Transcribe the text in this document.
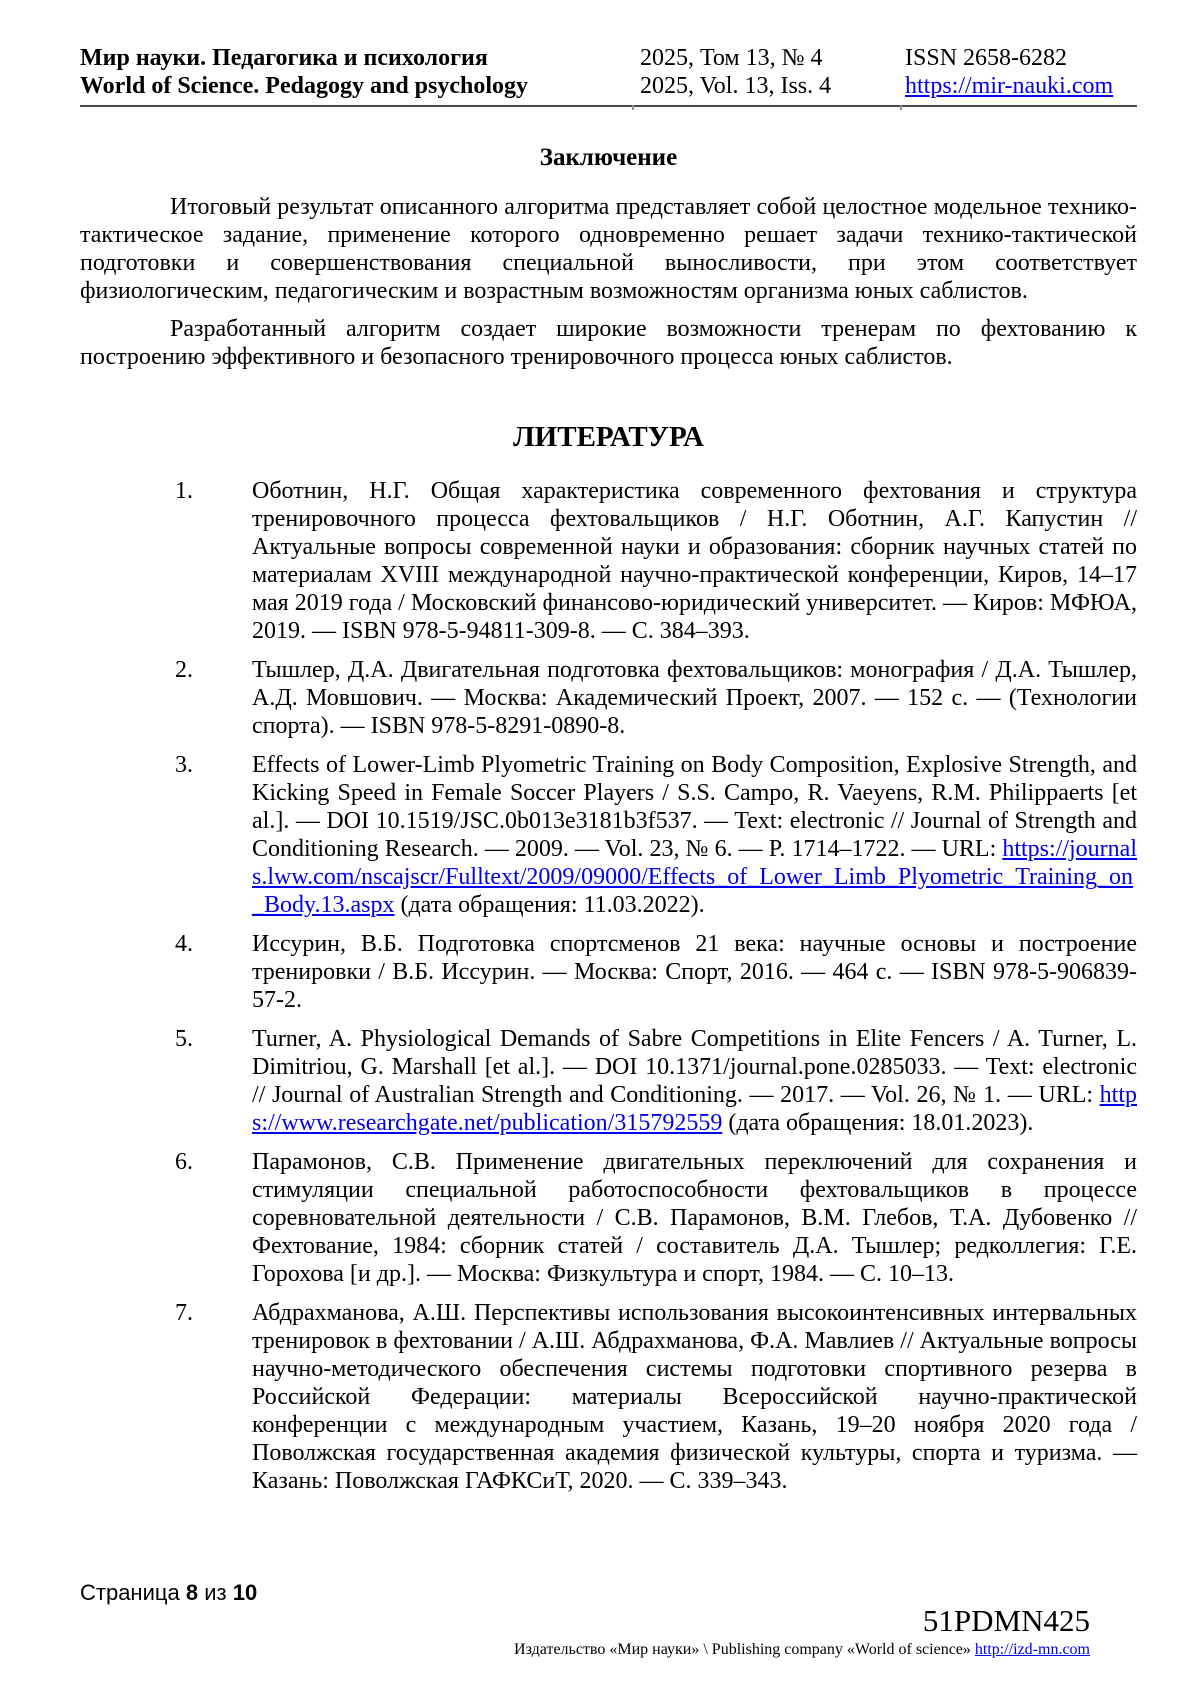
Мир науки. Педагогика и психология
World of Science. Pedagogy and psychology
2025, Том 13, № 4
2025, Vol. 13, Iss. 4
ISSN 2658-6282
https://mir-nauki.com
Заключение

Итоговый результат описанного алгоритма представляет собой целостное модельное технико-тактическое задание, применение которого одновременно решает задачи технико-тактической подготовки и совершенствования специальной выносливости, при этом соответствует физиологическим, педагогическим и возрастным возможностям организма юных саблистов.

Разработанный алгоритм создает широкие возможности тренерам по фехтованию к построению эффективного и безопасного тренировочного процесса юных саблистов.

ЛИТЕРАТУРА
1. Оботнин, Н.Г. Общая характеристика современного фехтования и структура тренировочного процесса фехтовальщиков / Н.Г. Оботнин, А.Г. Капустин // Актуальные вопросы современной науки и образования: сборник научных статей по материалам XVIII международной научно-практической конференции, Киров, 14–17 мая 2019 года / Московский финансово-юридический университет. — Киров: МФЮА, 2019. — ISBN 978-5-94811-309-8. — С. 384–393.
2. Тышлер, Д.А. Двигательная подготовка фехтовальщиков: монография / Д.А. Тышлер, А.Д. Мовшович. — Москва: Академический Проект, 2007. — 152 с. — (Технологии спорта). — ISBN 978-5-8291-0890-8.
3. Effects of Lower-Limb Plyometric Training on Body Composition, Explosive Strength, and Kicking Speed in Female Soccer Players / S.S. Campo, R. Vaeyens, R.M. Philippaerts [et al.]. — DOI 10.1519/JSC.0b013e3181b3f537. — Text: electronic // Journal of Strength and Conditioning Research. — 2009. — Vol. 23, № 6. — P. 1714–1722. — URL: https://journals.lww.com/nscajscr/Fulltext/2009/09000/Effects_of_Lower_Limb_Plyometric_Training_on_Body.13.aspx (дата обращения: 11.03.2022).
4. Иссурин, В.Б. Подготовка спортсменов 21 века: научные основы и построение тренировки / В.Б. Иссурин. — Москва: Спорт, 2016. — 464 с. — ISBN 978-5-906839-57-2.
5. Turner, A. Physiological Demands of Sabre Competitions in Elite Fencers / A. Turner, L. Dimitriou, G. Marshall [et al.]. — DOI 10.1371/journal.pone.0285033. — Text: electronic // Journal of Australian Strength and Conditioning. — 2017. — Vol. 26, № 1. — URL: https://www.researchgate.net/publication/315792559 (дата обращения: 18.01.2023).
6. Парамонов, С.В. Применение двигательных переключений для сохранения и стимуляции специальной работоспособности фехтовальщиков в процессе соревновательной деятельности / С.В. Парамонов, В.М. Глебов, Т.А. Дубовенко // Фехтование, 1984: сборник статей / составитель Д.А. Тышлер; редколлегия: Г.Е. Горохова [и др.]. — Москва: Физкультура и спорт, 1984. — С. 10–13.
7. Абдрахманова, А.Ш. Перспективы использования высокоинтенсивных интервальных тренировок в фехтовании / А.Ш. Абдрахманова, Ф.А. Мавлиев // Актуальные вопросы научно-методического обеспечения системы подготовки спортивного резерва в Российской Федерации: материалы Всероссийской научно-практической конференции с международным участием, Казань, 19–20 ноября 2020 года / Поволжская государственная академия физической культуры, спорта и туризма. — Казань: Поволжская ГАФКСиТ, 2020. — С. 339–343.
Страница 8 из 10
51PDMN425
Издательство «Мир науки» \ Publishing company «World of science» http://izd-mn.com
